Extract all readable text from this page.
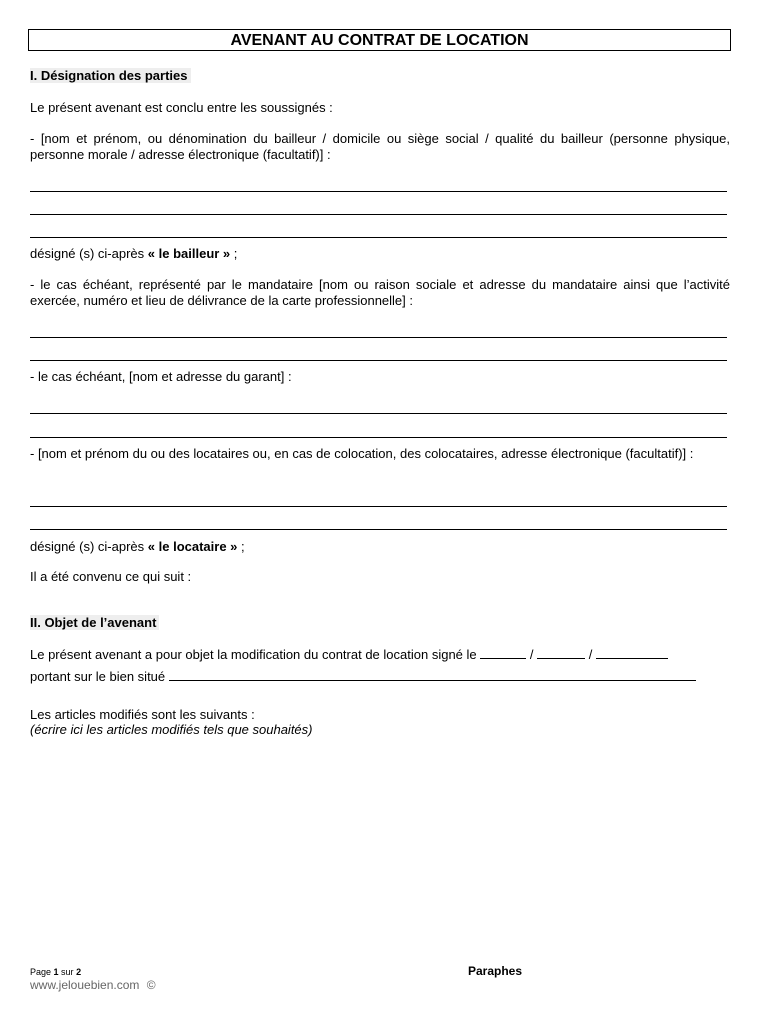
AVENANT AU CONTRAT DE LOCATION
I. Désignation des parties
Le présent avenant est conclu entre les soussignés :
- [nom et prénom, ou dénomination du bailleur / domicile ou siège social / qualité du bailleur (personne physique, personne morale / adresse électronique (facultatif)] :
désigné (s) ci-après « le bailleur » ;
- le cas échéant, représenté par le mandataire [nom ou raison sociale et adresse du mandataire ainsi que l’activité exercée, numéro et lieu de délivrance de la carte professionnelle] :
- le cas échéant, [nom et adresse du garant] :
- [nom et prénom du ou des locataires ou, en cas de colocation, des colocataires, adresse électronique (facultatif)] :
désigné (s) ci-après « le locataire » ;
Il a été convenu ce qui suit :
II. Objet de l’avenant
Le présent avenant a pour objet la modification du contrat de location signé le	/	/
portant sur le bien situé
Les articles modifiés sont les suivants :
(écrire ici les articles modifiés tels que souhaités)
Page 1 sur 2
www.jelouebien.com ©
Paraphes
